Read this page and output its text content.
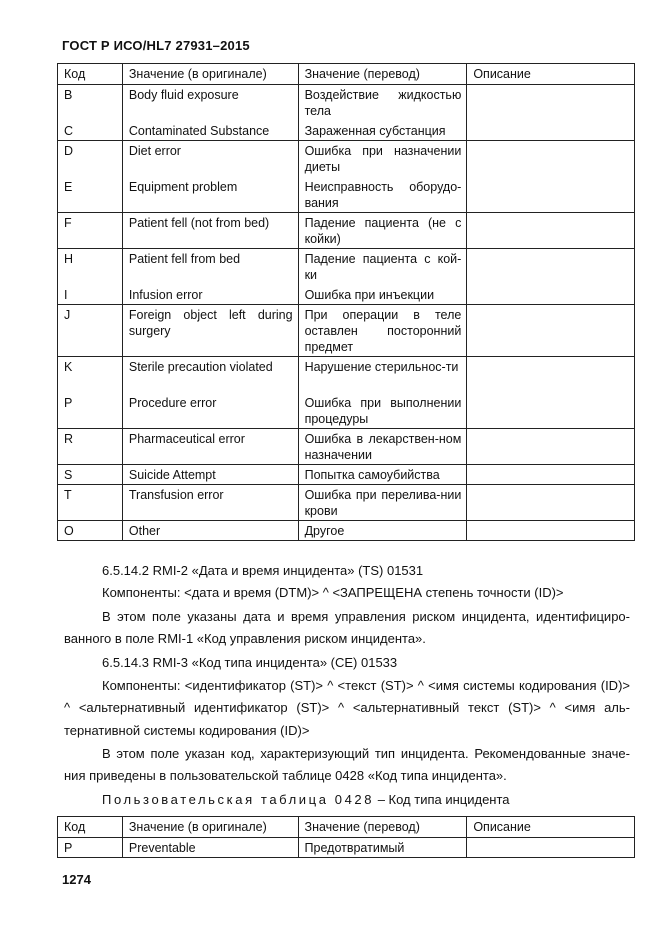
ГОСТ Р ИСО/HL7 27931–2015
Код	Значение (в оригинале)	Значение (перевод)	Описание
B	Body fluid exposure	Воздействие жидкостью тела	
C	Contaminated Substance	Зараженная субстанция	
D	Diet error	Ошибка при назначении диеты	
E	Equipment problem	Неисправность оборудо-вания	
F	Patient fell (not from bed)	Падение пациента (не с койки)	
H	Patient fell from bed	Падение пациента с кой-ки	
I	Infusion error	Ошибка при инъекции	
J	Foreign object left during surgery	При операции в теле оставлен посторонний предмет	
K	Sterile precaution violated	Нарушение стерильнос-ти	
P	Procedure error	Ошибка при выполнении процедуры	
R	Pharmaceutical error	Ошибка в лекарствен-ном назначении	
S	Suicide Attempt	Попытка самоубийства	
T	Transfusion error	Ошибка при перелива-нии крови	
O	Other	Другое	

6.5.14.2 RMI-2 «Дата и время инцидента» (TS) 01531

Компоненты: <дата и время (DTM)> ^ <ЗАПРЕЩЕНА степень точности (ID)>

В этом поле указаны дата и время управления риском инцидента, идентифициро-ванного в поле RMI-1 «Код управления риском инцидента».

6.5.14.3 RMI-3 «Код типа инцидента» (CE) 01533

Компоненты: <идентификатор (ST)> ^ <текст (ST)> ^ <имя системы кодирования (ID)> ^ <альтернативный идентификатор (ST)> ^ <альтернативный текст (ST)> ^ <имя аль-тернативной системы кодирования (ID)>

В этом поле указан код, характеризующий тип инцидента. Рекомендованные значе-ния приведены в пользовательской таблице 0428 «Код типа инцидента».

Пользовательская таблица 0428 – Код типа инцидента

Код	Значение (в оригинале)	Значение (перевод)	Описание
P	Preventable	Предотвратимый	
1274
